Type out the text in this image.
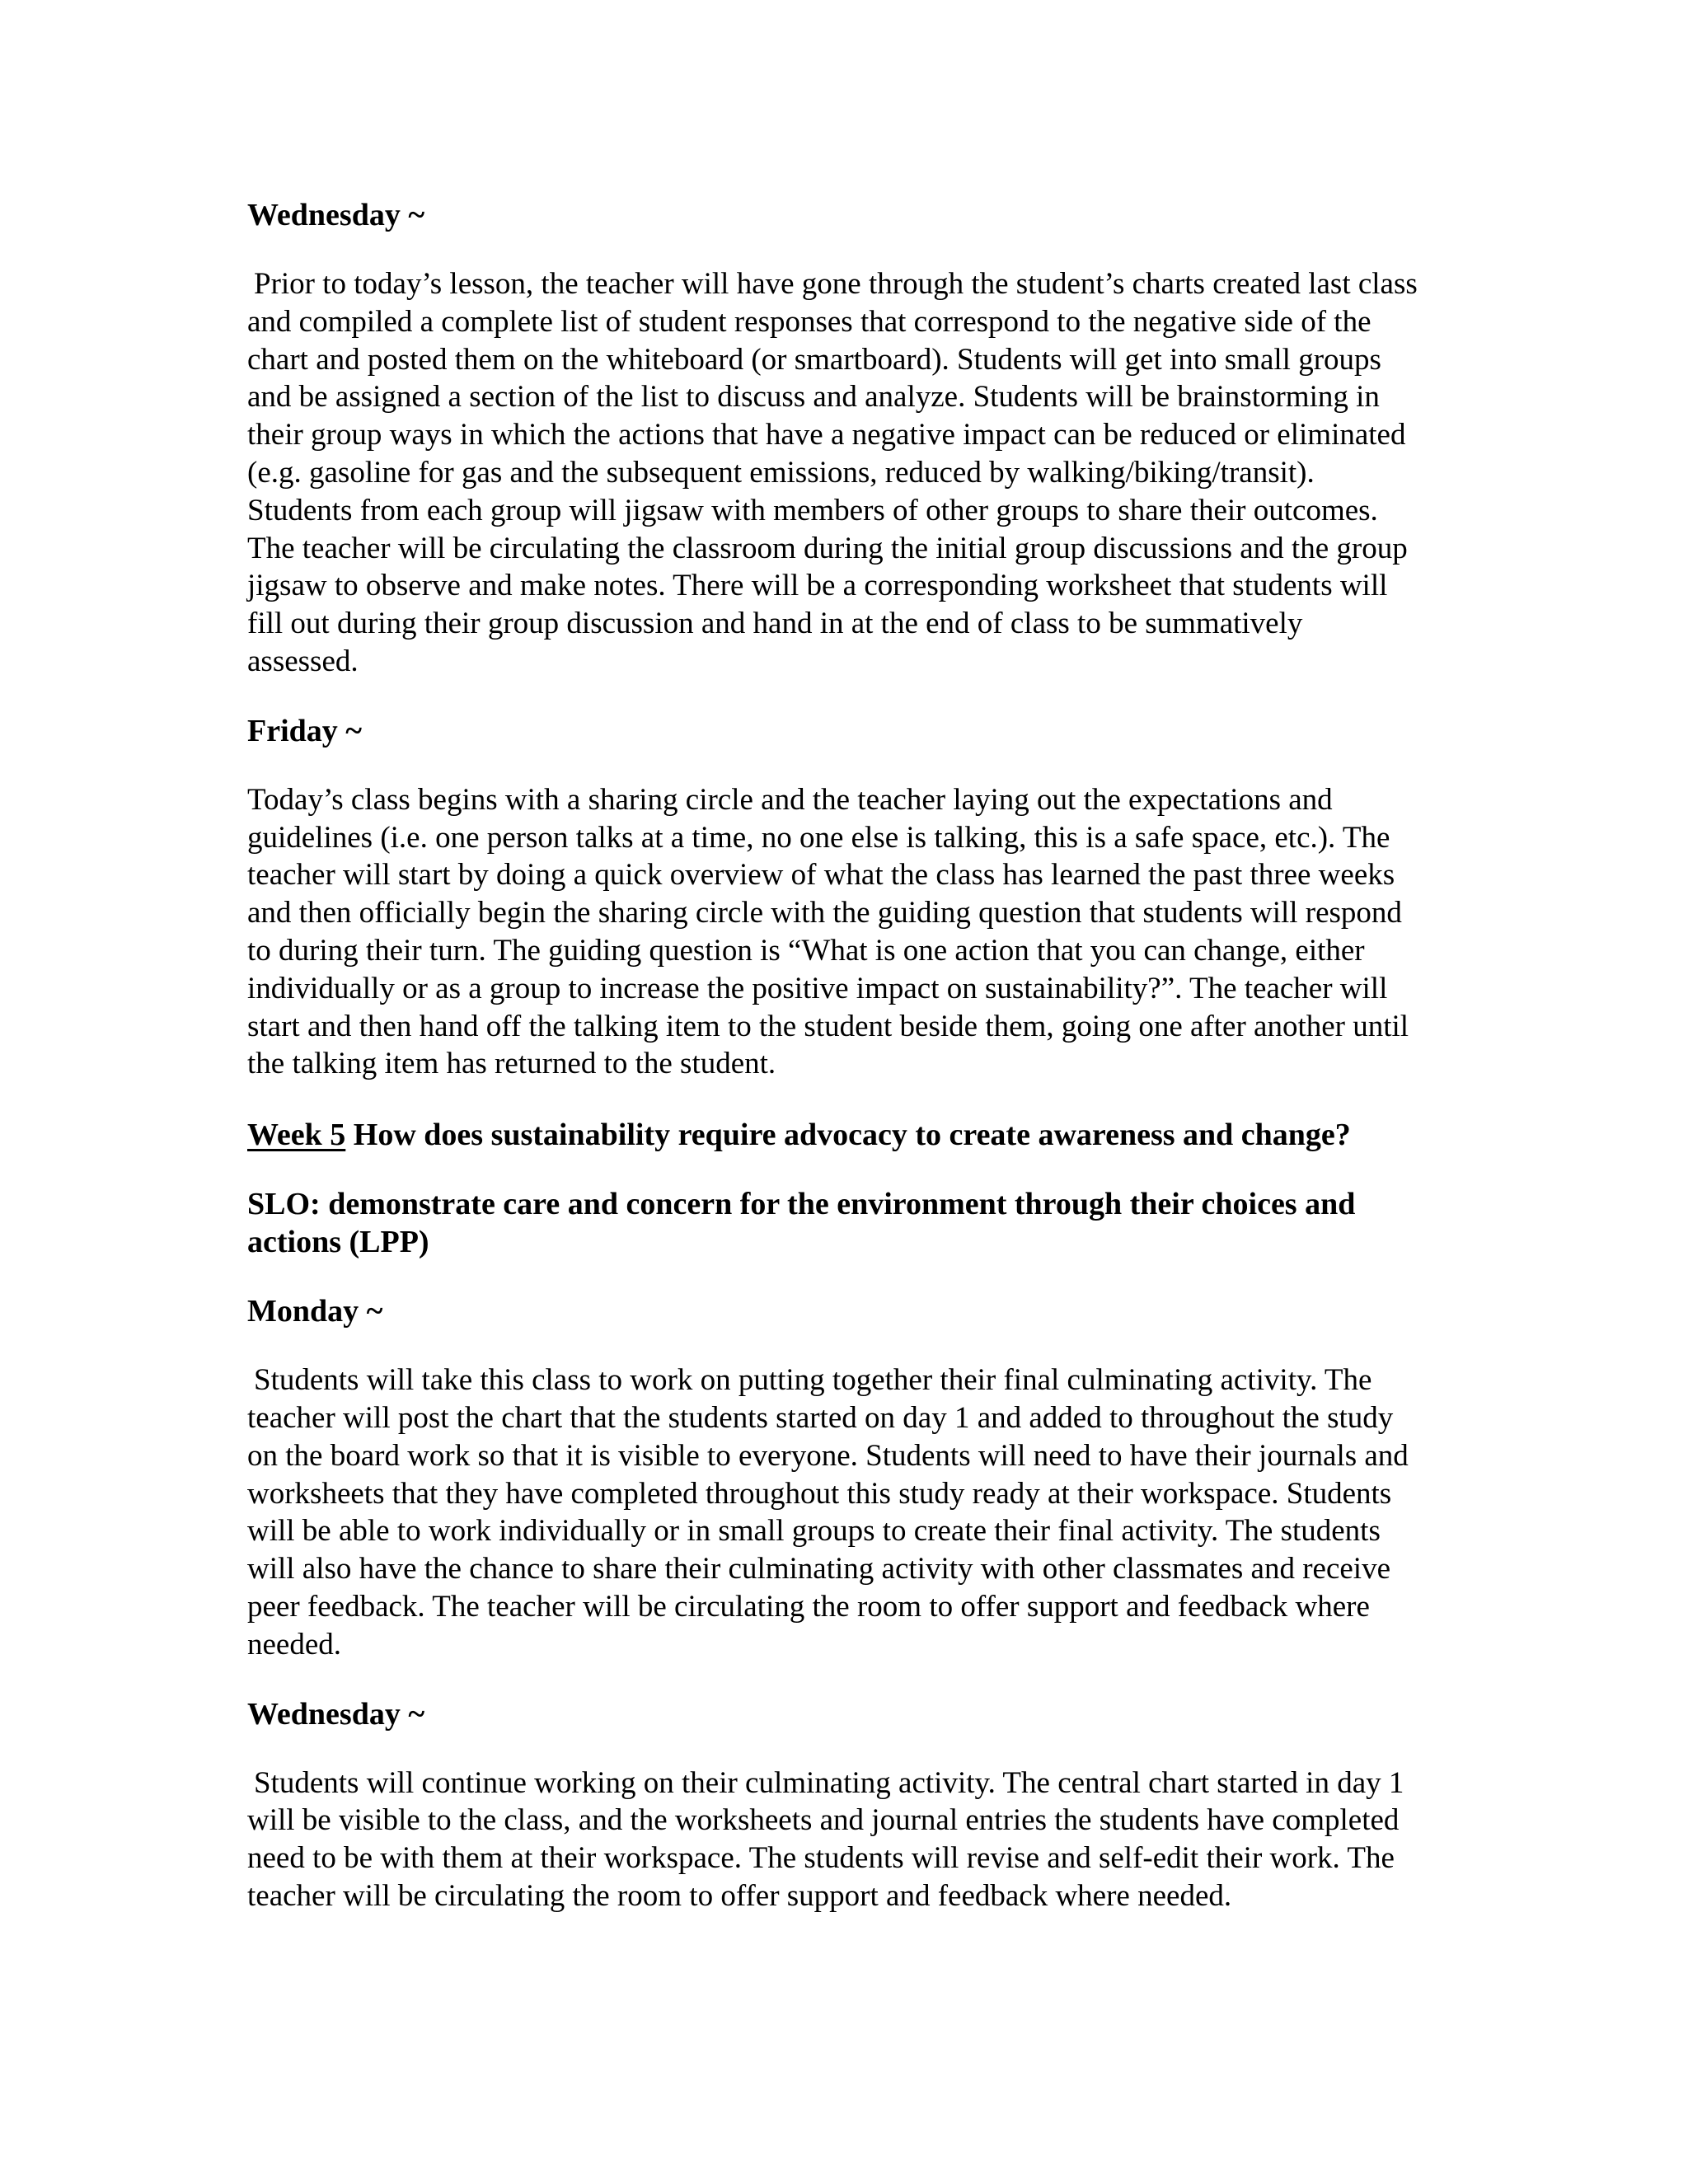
Wednesday ~

Prior to today’s lesson, the teacher will have gone through the student’s charts created last class and compiled a complete list of student responses that correspond to the negative side of the chart and posted them on the whiteboard (or smartboard). Students will get into small groups and be assigned a section of the list to discuss and analyze. Students will be brainstorming in their group ways in which the actions that have a negative impact can be reduced or eliminated (e.g. gasoline for gas and the subsequent emissions, reduced by walking/biking/transit). Students from each group will jigsaw with members of other groups to share their outcomes. The teacher will be circulating the classroom during the initial group discussions and the group jigsaw to observe and make notes. There will be a corresponding worksheet that students will fill out during their group discussion and hand in at the end of class to be summatively assessed.

Friday ~

Today’s class begins with a sharing circle and the teacher laying out the expectations and guidelines (i.e. one person talks at a time, no one else is talking, this is a safe space, etc.). The teacher will start by doing a quick overview of what the class has learned the past three weeks and then officially begin the sharing circle with the guiding question that students will respond to during their turn. The guiding question is “What is one action that you can change, either individually or as a group to increase the positive impact on sustainability?”. The teacher will start and then hand off the talking item to the student beside them, going one after another until the talking item has returned to the student.

Week 5 How does sustainability require advocacy to create awareness and change?

SLO: demonstrate care and concern for the environment through their choices and actions (LPP)

Monday ~

Students will take this class to work on putting together their final culminating activity. The teacher will post the chart that the students started on day 1 and added to throughout the study on the board work so that it is visible to everyone. Students will need to have their journals and worksheets that they have completed throughout this study ready at their workspace. Students will be able to work individually or in small groups to create their final activity. The students will also have the chance to share their culminating activity with other classmates and receive peer feedback. The teacher will be circulating the room to offer support and feedback where needed.

Wednesday ~

Students will continue working on their culminating activity. The central chart started in day 1 will be visible to the class, and the worksheets and journal entries the students have completed need to be with them at their workspace. The students will revise and self-edit their work. The teacher will be circulating the room to offer support and feedback where needed.
